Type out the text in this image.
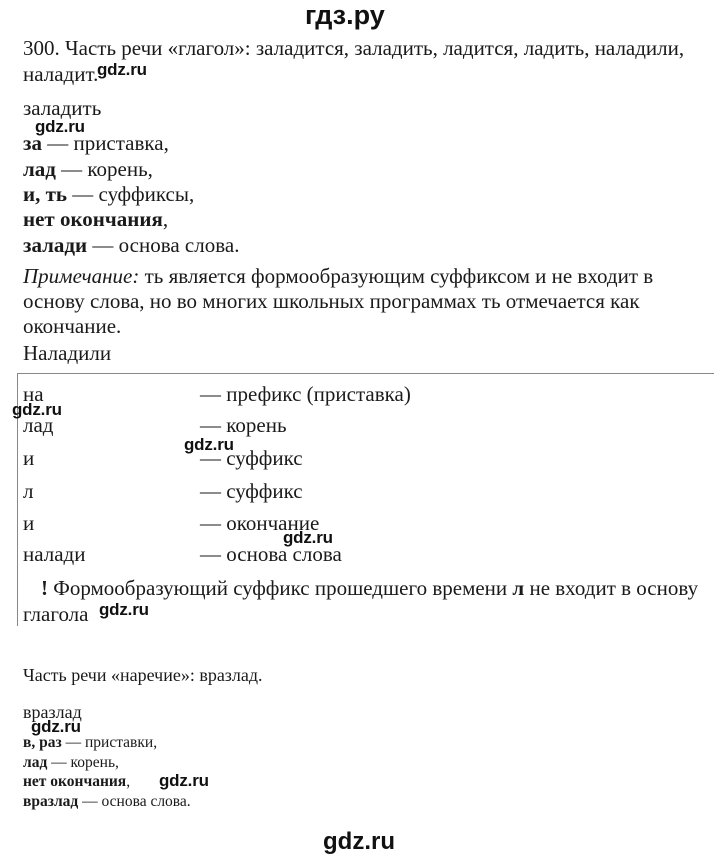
гдз.ру
300. Часть речи «глагол»: заладится, заладить, ладится, ладить, наладили,
наладит.
gdz.ru
заладить
gdz.ru
за — приставка,
лад — корень,
и, ть — суффиксы,
нет окончания,
залади — основа слова.
Примечание: ть является формообразующим суффиксом и не входит в
основу слова, но во многих школьных программах ть отмечается как
окончание.
Наладили
на	— префикс (приставка)
gdz.ru
лад	— корень
gdz.ru
и	— суффикс
л	— суффикс
и	— окончание
gdz.ru
налади	— основа слова
! Формообразующий суффикс прошедшего времени л не входит в основу
глагола gdz.ru
Часть речи «наречие»: вразлад.
вразлад
gdz.ru
в, раз — приставки,
лад — корень,
нет окончания, gdz.ru
вразлад — основа слова.
gdz.ru
